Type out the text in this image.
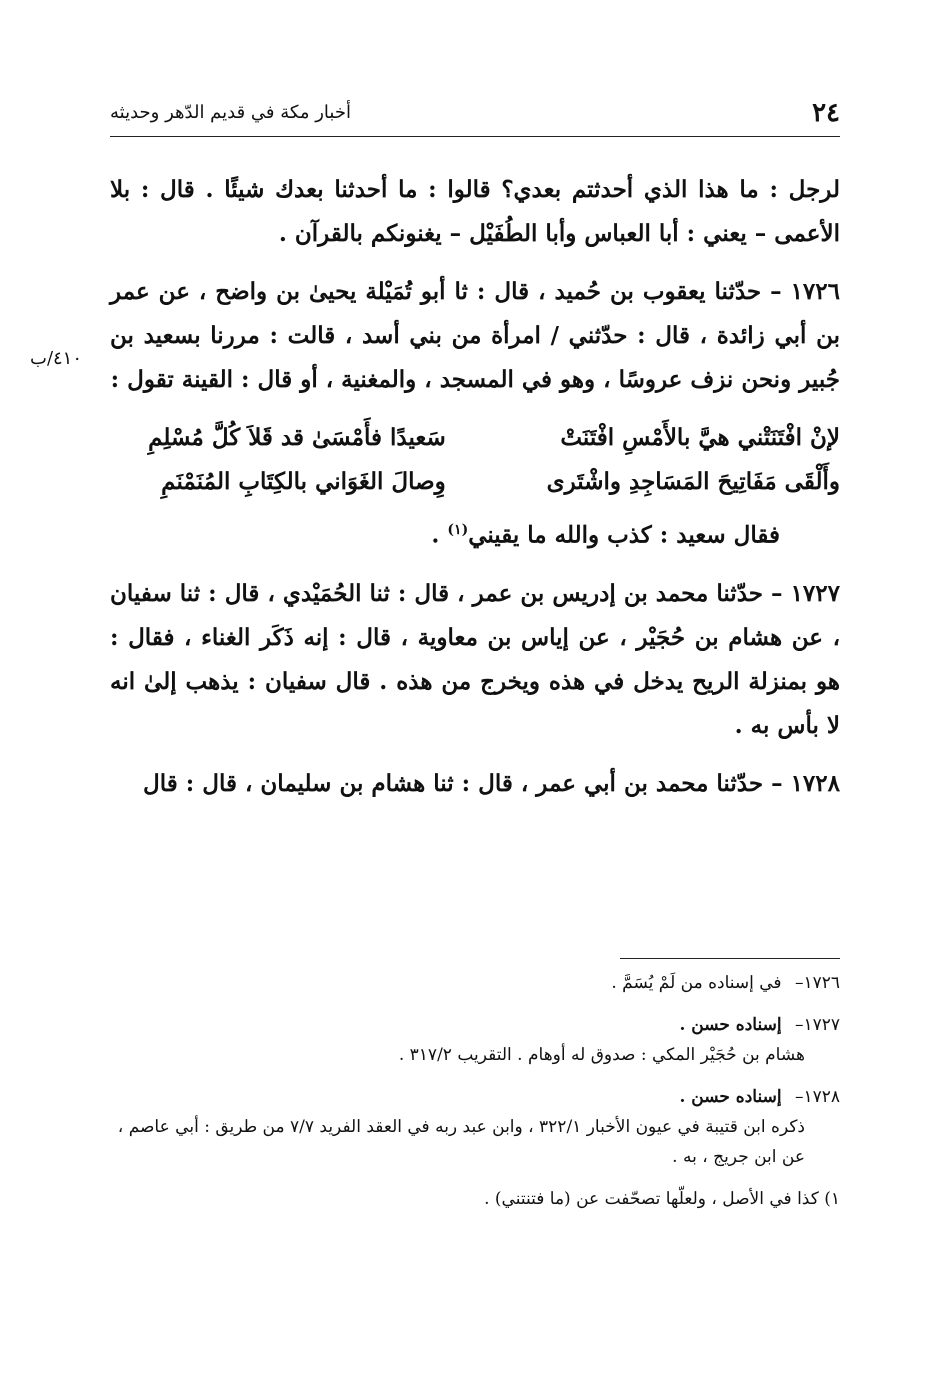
٢٤
أخبار مكة في قديم الدّهر وحديثه
٤١٠/ب

لرجل : ما هذا الذي أحدثتم بعدي؟ قالوا : ما أحدثنا بعدك شيئًا . قال : بلا الأعمى – يعني : أبا العباس وأبا الطُفَيْل – يغنونكم بالقرآن .

١٧٢٦ – حدّثنا يعقوب بن حُميد ، قال : ثا أبو تُمَيْلة يحيىٰ بن واضح ، عن عمر بن أبي زائدة ، قال : حدّثني / امرأة من بني أسد ، قالت : مررنا بسعيد بن جُبير ونحن نزف عروسًا ، وهو في المسجد ، والمغنية ، أو قال : القينة تقول :

لإنْ افْتَنَتْني هيَّ بالأَمْسِ افْتَنَتْ
سَعيدًا فأَمْسَىٰ قد قَلاَ كُلَّ مُسْلِمِ
وأَلْقَى مَفَاتِيحَ المَسَاجِدِ واشْتَرى
وِصالَ الغَوَاني بالكِتَابِ المُنَمْنَمِ

فقال سعيد : كذب والله ما يقيني$^{(١)}$ .

١٧٢٧ – حدّثنا محمد بن إدريس بن عمر ، قال : ثنا الحُمَيْدي ، قال : ثنا سفيان ، عن هشام بن حُجَيْر ، عن إياس بن معاوية ، قال : إنه ذَكَر الغناء ، فقال : هو بمنزلة الريح يدخل في هذه ويخرج من هذه . قال سفيان : يذهب إلىٰ انه لا بأس به .

١٧٢٨ – حدّثنا محمد بن أبي عمر ، قال : ثنا هشام بن سليمان ، قال : قال

١٧٢٦– في إسناده من لَمْ يُسَمَّ .
١٧٢٧– إسناده حسن .
هشام بن حُجَيْر المكي : صدوق له أوهام . التقريب ٣١٧/٢ .
١٧٢٨– إسناده حسن .
ذكره ابن قتيبة في عيون الأخبار ٣٢٢/١ ، وابن عبد ربه في العقد الفريد ٧/٧ من طريق : أبي عاصم ، عن ابن جريج ، به .
١) كذا في الأصل ، ولعلّها تصحّفت عن (ما فتنتني) .
